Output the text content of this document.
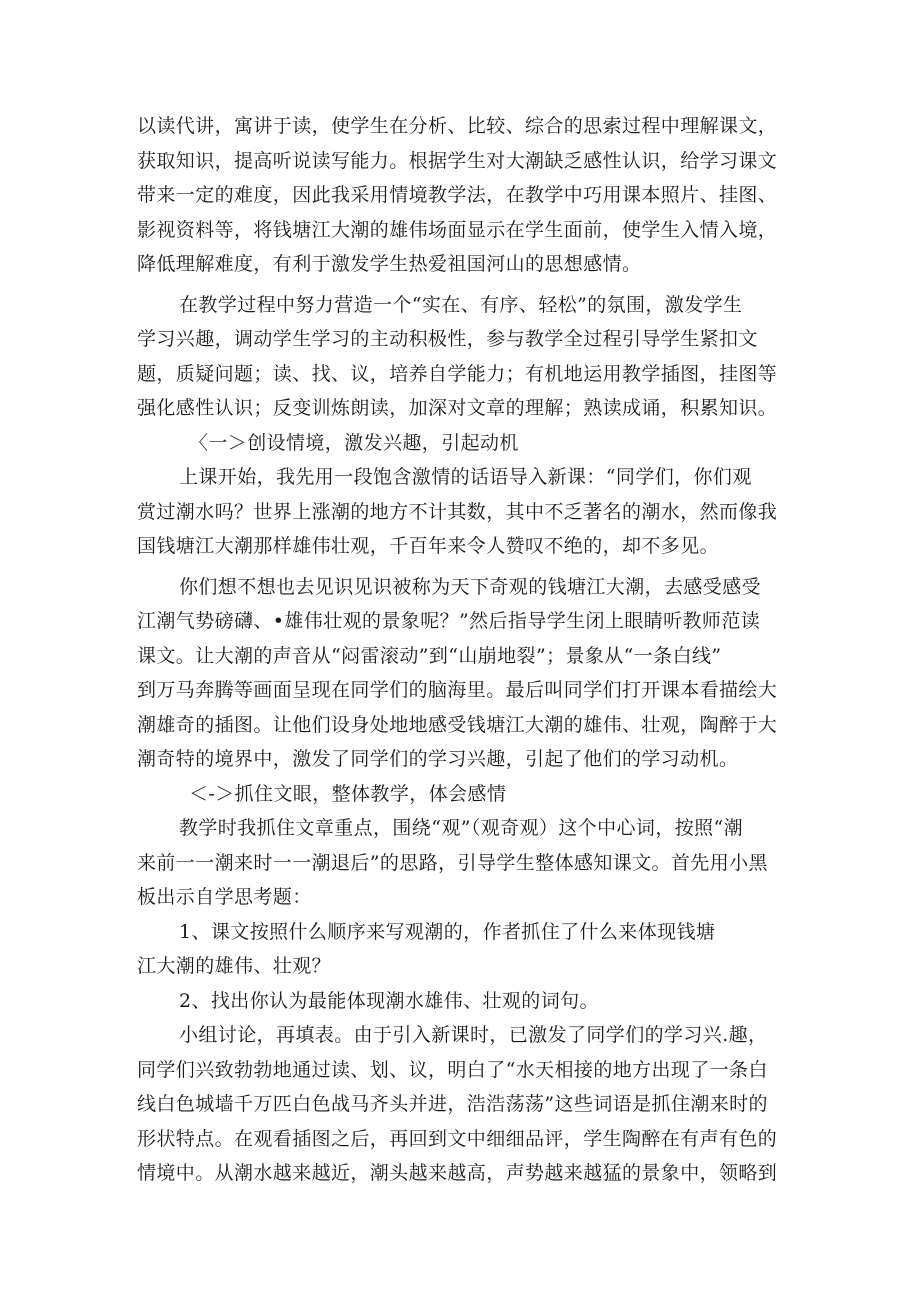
以读代讲，寓讲于读，使学生在分析、比较、综合的思索过程中理解课文，
获取知识，提高听说读写能力。根据学生对大潮缺乏感性认识，给学习课文
带来一定的难度，因此我采用情境教学法，在教学中巧用课本照片、挂图、
影视资料等，将钱塘江大潮的雄伟场面显示在学生面前，使学生入情入境，
降低理解难度，有利于激发学生热爱祖国河山的思想感情。
在教学过程中努力营造一个“实在、有序、轻松”的氛围，激发学生
学习兴趣，调动学生学习的主动积极性，参与教学全过程引导学生紧扣文
题，质疑问题；读、找、议，培养自学能力；有机地运用教学插图，挂图等
强化感性认识；反变训炼朗读，加深对文章的理解；熟读成诵，积累知识。
〈一＞创设情境，激发兴趣，引起动机
上课开始，我先用一段饱含激情的话语导入新课：“同学们，你们观
赏过潮水吗？世界上涨潮的地方不计其数，其中不乏著名的潮水，然而像我
国钱塘江大潮那样雄伟壮观，千百年来令人赞叹不绝的，却不多见。
你们想不想也去见识见识被称为天下奇观的钱塘江大潮，去感受感受
江潮气势磅礴、•雄伟壮观的景象呢？”然后指导学生闭上眼睛听教师范读
课文。让大潮的声音从“闷雷滚动”到“山崩地裂”；景象从“一条白线”
到万马奔腾等画面呈现在同学们的脑海里。最后叫同学们打开课本看描绘大
潮雄奇的插图。让他们设身处地地感受钱塘江大潮的雄伟、壮观，陶醉于大
潮奇特的境界中，激发了同学们的学习兴趣，引起了他们的学习动机。
＜-＞抓住文眼，整体教学，体会感情
教学时我抓住文章重点，围绕“观”（观奇观）这个中心词，按照“潮
来前一一潮来时一一潮退后”的思路，引导学生整体感知课文。首先用小黑
板出示自学思考题：
1、课文按照什么顺序来写观潮的，作者抓住了什么来体现钱塘
江大潮的雄伟、壮观？
2、找出你认为最能体现潮水雄伟、壮观的词句。
小组讨论，再填表。由于引入新课时，已激发了同学们的学习兴.趣，
同学们兴致勃勃地通过读、划、议，明白了“水天相接的地方出现了一条白
线白色城墙千万匹白色战马齐头并进，浩浩荡荡”这些词语是抓住潮来时的
形状特点。在观看插图之后，再回到文中细细品评，学生陶醉在有声有色的
情境中。从潮水越来越近，潮头越来越高，声势越来越猛的景象中，领略到
